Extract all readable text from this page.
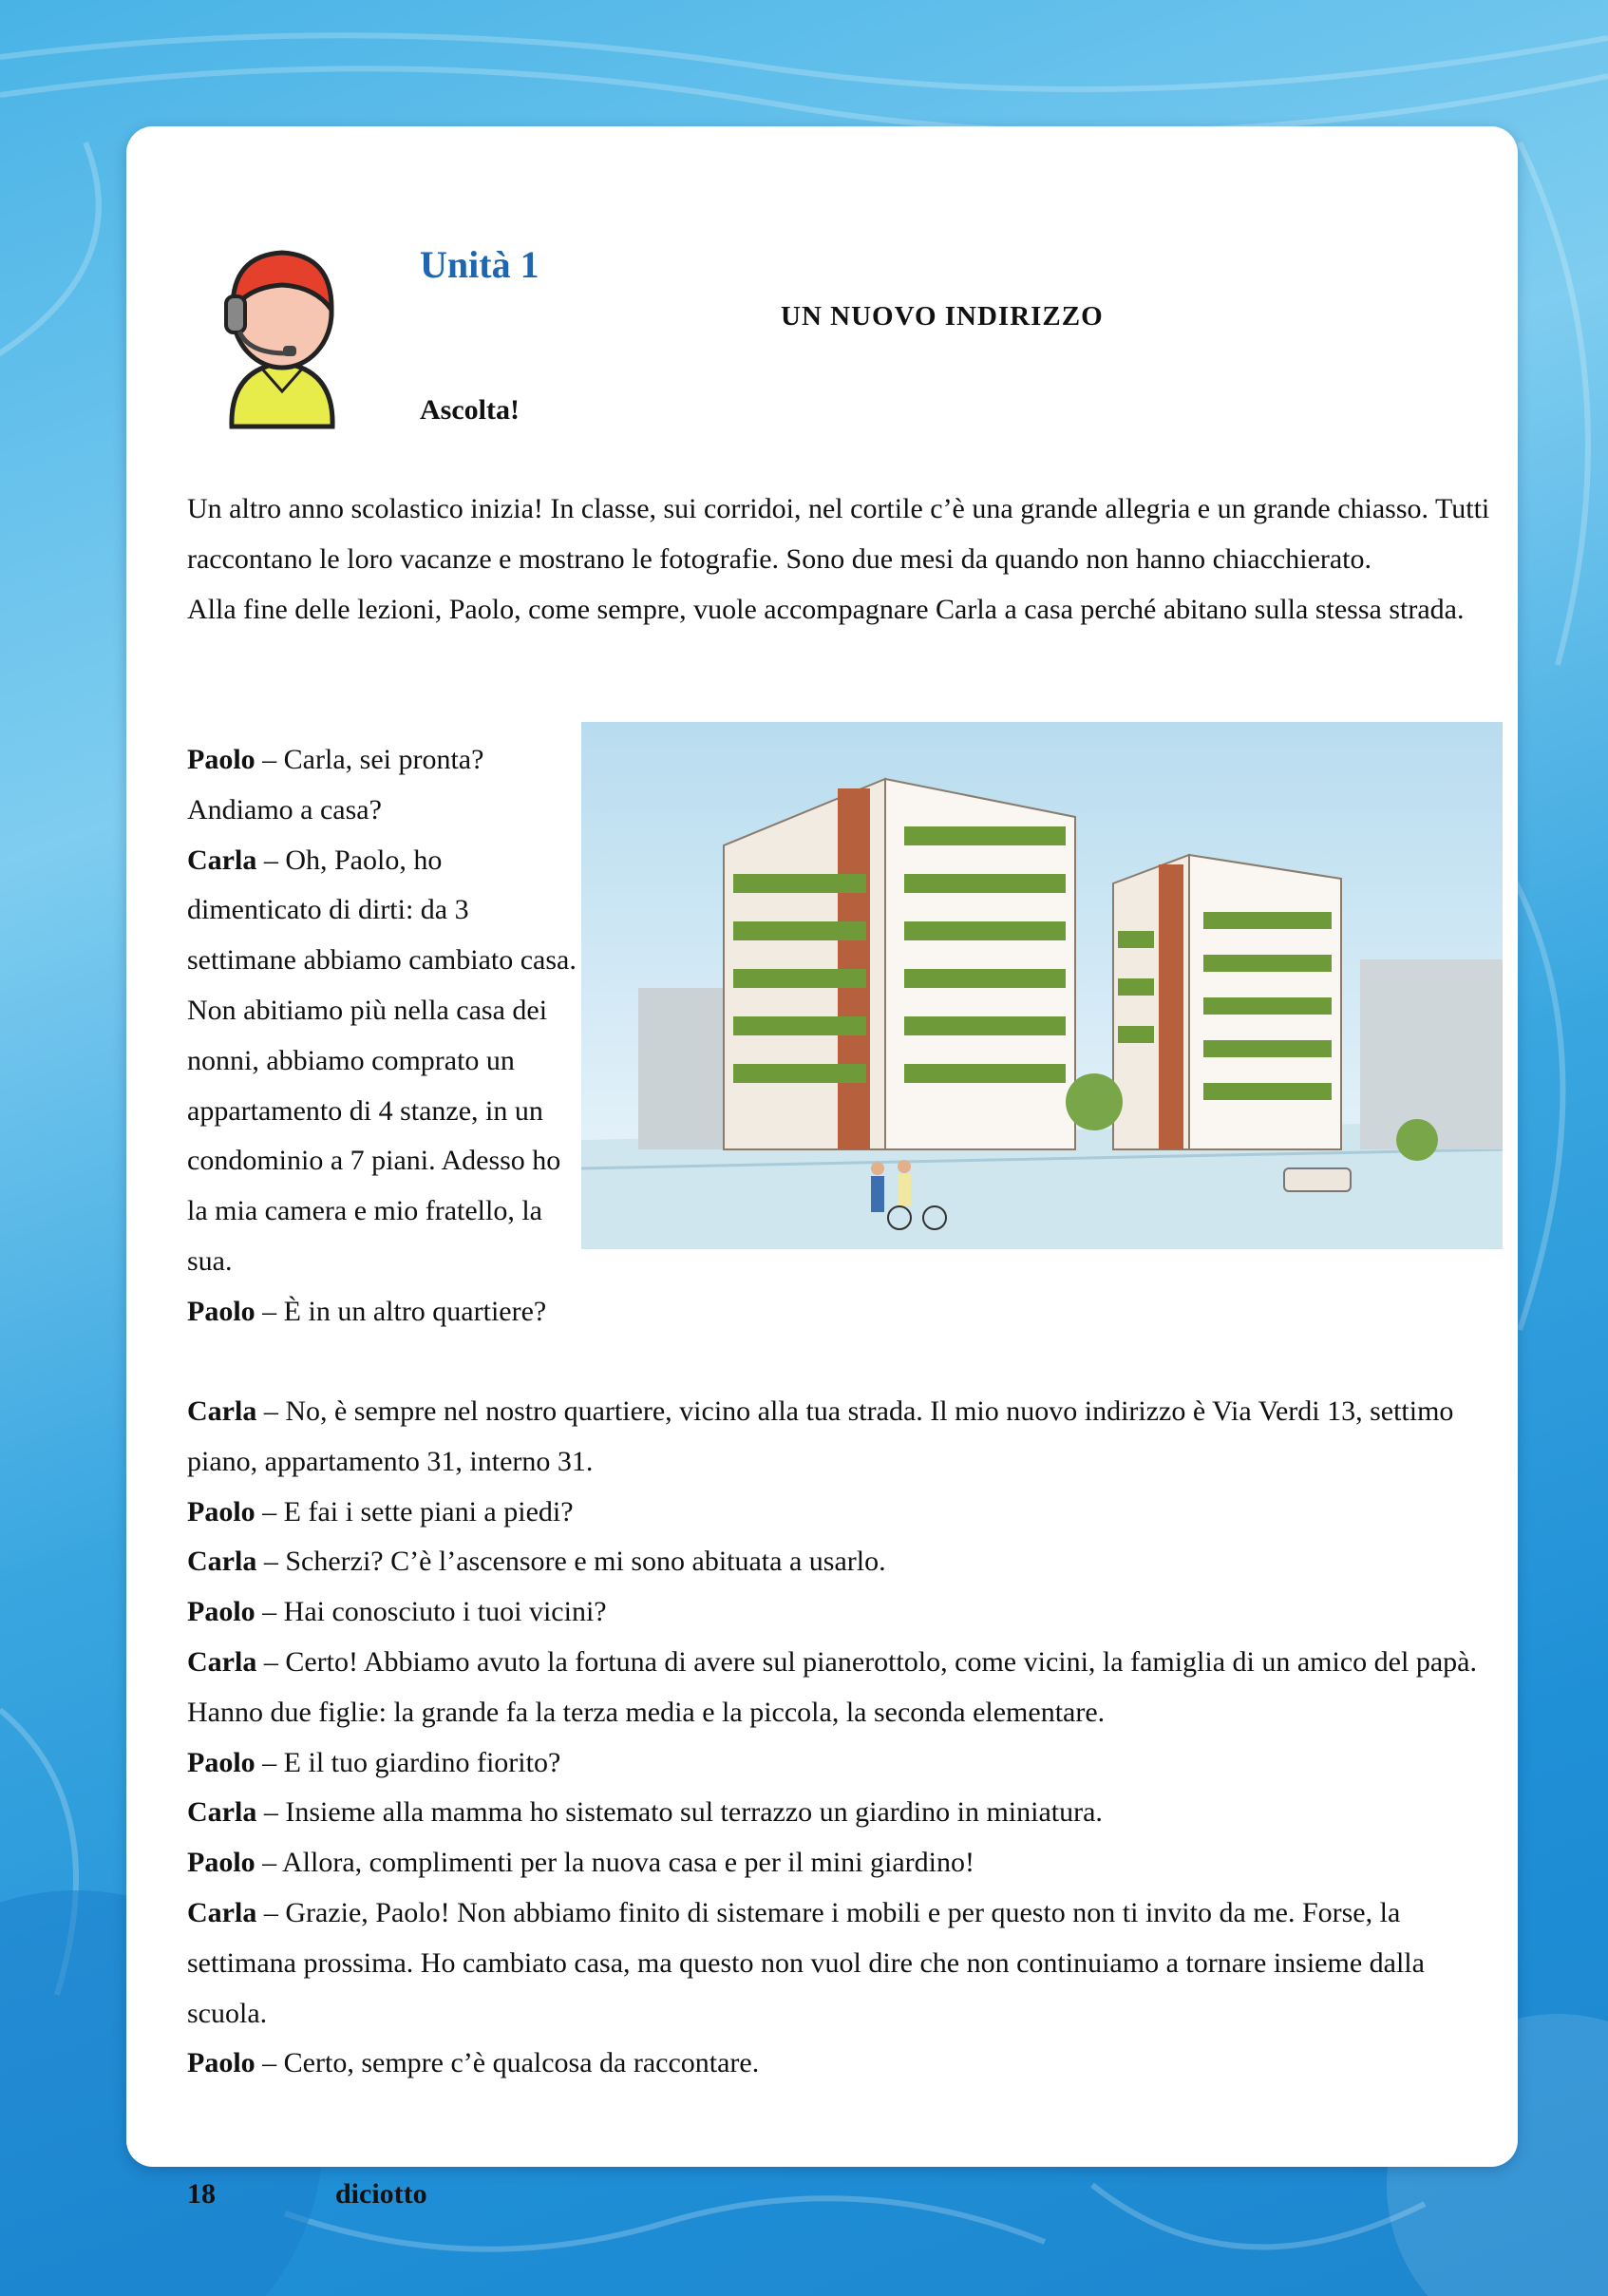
Unità 1
UN NUOVO INDIRIZZO

Ascolta!

Un altro anno scolastico inizia! In classe, sui corridoi, nel cortile c’è una grande allegria e un grande chiasso. Tutti raccontano le loro vacanze e mostrano le fotografie. Sono due mesi da quando non hanno chiacchierato.

Alla fine delle lezioni, Paolo, come sempre, vuole accompagnare Carla a casa perché abitano sulla stessa strada.

Paolo – Carla, sei pronta? Andiamo a casa?

Carla – Oh, Paolo, ho dimenticato di dirti: da 3 settimane abbiamo cambiato casa. Non abitiamo più nella casa dei nonni, abbiamo comprato un appartamento di 4 stanze, in un condominio a 7 piani. Adesso ho la mia camera e mio fratello, la sua.

Paolo – È in un altro quartiere?

Carla – No, è sempre nel nostro quartiere, vicino alla tua strada. Il mio nuovo indirizzo è Via Verdi 13, settimo piano, appartamento 31, interno 31.

Paolo – E fai i sette piani a piedi?

Carla – Scherzi? C’è l’ascensore e mi sono abituata a usarlo.

Paolo – Hai conosciuto i tuoi vicini?

Carla – Certo! Abbiamo avuto la fortuna di avere sul pianerottolo, come vicini, la famiglia di un amico del papà. Hanno due figlie: la grande fa la terza media e la piccola, la seconda elementare.

Paolo – E il tuo giardino fiorito?

Carla – Insieme alla mamma ho sistemato sul terrazzo un giardino in miniatura.

Paolo – Allora, complimenti per la nuova casa e per il mini giardino!

Carla – Grazie, Paolo! Non abbiamo finito di sistemare i mobili e per questo non ti invito da me. Forse, la settimana prossima. Ho cambiato casa, ma questo non vuol dire che non continuiamo a tornare insieme dalla scuola.

Paolo – Certo, sempre c’è qualcosa da raccontare.

18	diciotto
